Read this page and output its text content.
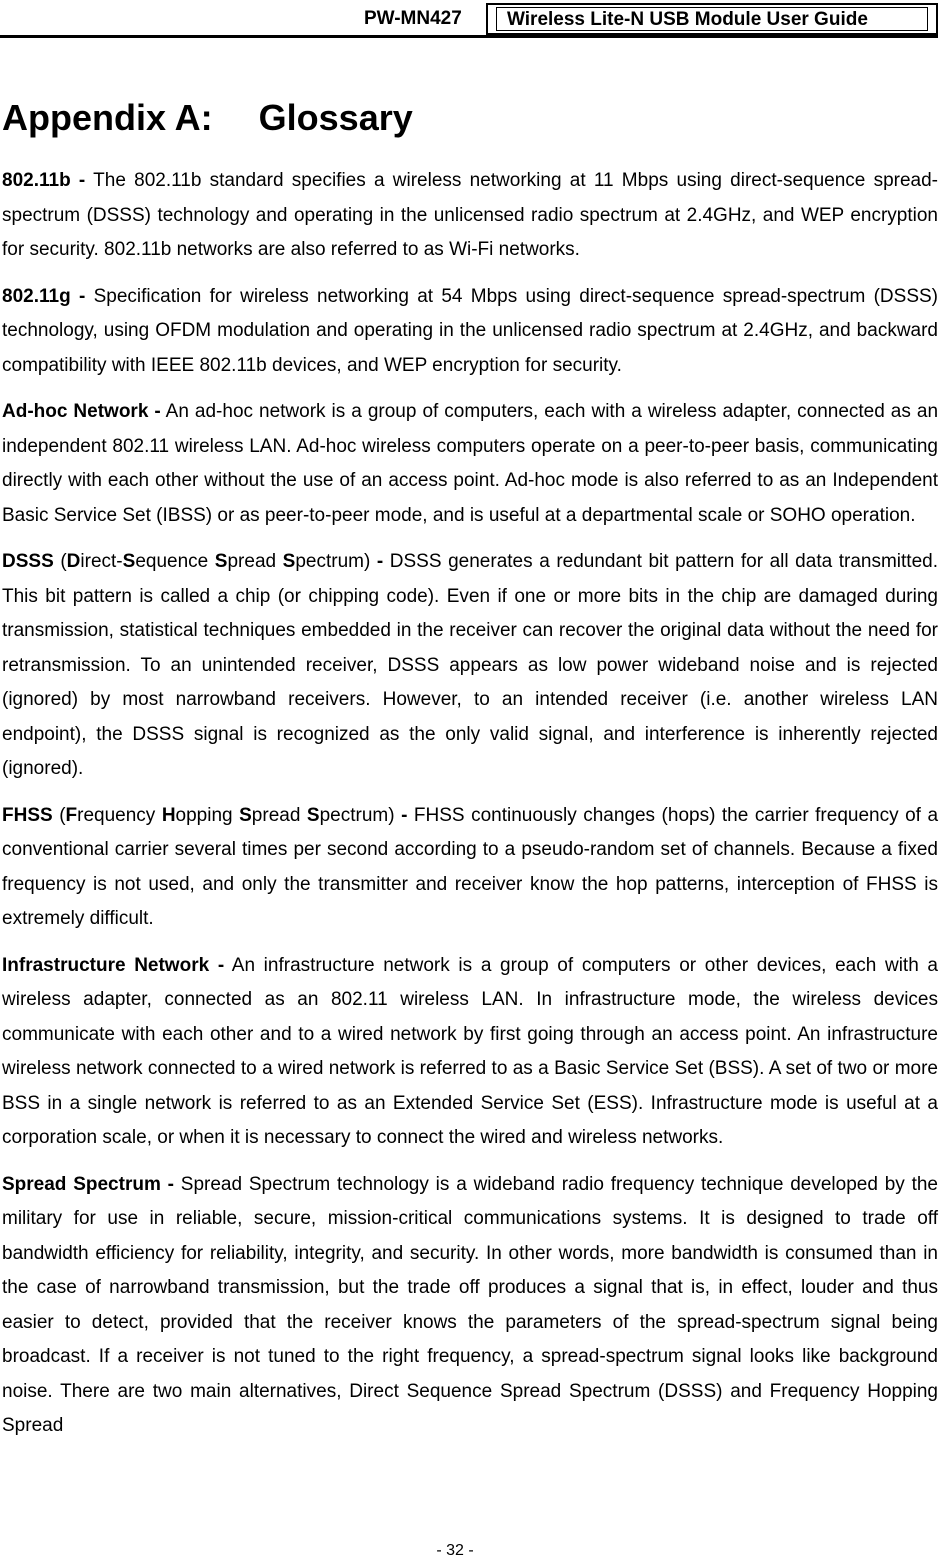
PW-MN427	Wireless Lite-N USB Module User Guide
Appendix A: Glossary

802.11b - The 802.11b standard specifies a wireless networking at 11 Mbps using direct-sequence spread-spectrum (DSSS) technology and operating in the unlicensed radio spectrum at 2.4GHz, and WEP encryption for security. 802.11b networks are also referred to as Wi-Fi networks.

802.11g - Specification for wireless networking at 54 Mbps using direct-sequence spread-spectrum (DSSS) technology, using OFDM modulation and operating in the unlicensed radio spectrum at 2.4GHz, and backward compatibility with IEEE 802.11b devices, and WEP encryption for security.

Ad-hoc Network - An ad-hoc network is a group of computers, each with a wireless adapter, connected as an independent 802.11 wireless LAN. Ad-hoc wireless computers operate on a peer-to-peer basis, communicating directly with each other without the use of an access point. Ad-hoc mode is also referred to as an Independent Basic Service Set (IBSS) or as peer-to-peer mode, and is useful at a departmental scale or SOHO operation.

DSSS (Direct-Sequence Spread Spectrum) - DSSS generates a redundant bit pattern for all data transmitted. This bit pattern is called a chip (or chipping code). Even if one or more bits in the chip are damaged during transmission, statistical techniques embedded in the receiver can recover the original data without the need for retransmission. To an unintended receiver, DSSS appears as low power wideband noise and is rejected (ignored) by most narrowband receivers. However, to an intended receiver (i.e. another wireless LAN endpoint), the DSSS signal is recognized as the only valid signal, and interference is inherently rejected (ignored).

FHSS (Frequency Hopping Spread Spectrum) - FHSS continuously changes (hops) the carrier frequency of a conventional carrier several times per second according to a pseudo-random set of channels. Because a fixed frequency is not used, and only the transmitter and receiver know the hop patterns, interception of FHSS is extremely difficult.

Infrastructure Network - An infrastructure network is a group of computers or other devices, each with a wireless adapter, connected as an 802.11 wireless LAN. In infrastructure mode, the wireless devices communicate with each other and to a wired network by first going through an access point. An infrastructure wireless network connected to a wired network is referred to as a Basic Service Set (BSS). A set of two or more BSS in a single network is referred to as an Extended Service Set (ESS). Infrastructure mode is useful at a corporation scale, or when it is necessary to connect the wired and wireless networks.

Spread Spectrum - Spread Spectrum technology is a wideband radio frequency technique developed by the military for use in reliable, secure, mission-critical communications systems. It is designed to trade off bandwidth efficiency for reliability, integrity, and security. In other words, more bandwidth is consumed than in the case of narrowband transmission, but the trade off produces a signal that is, in effect, louder and thus easier to detect, provided that the receiver knows the parameters of the spread-spectrum signal being broadcast. If a receiver is not tuned to the right frequency, a spread-spectrum signal looks like background noise. There are two main alternatives, Direct Sequence Spread Spectrum (DSSS) and Frequency Hopping Spread

- 32 -
